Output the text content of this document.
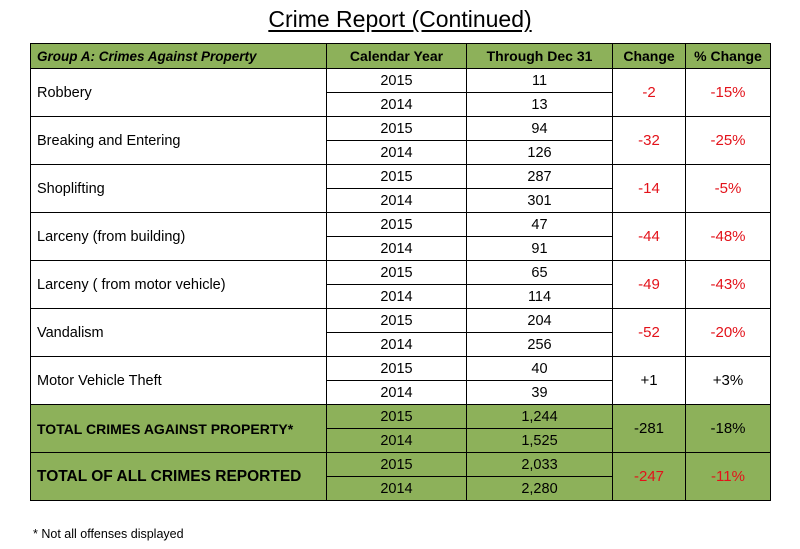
Crime Report (Continued)
Group A: Crimes Against Property	Calendar Year	Through Dec 31	Change	% Change
Robbery	2015	11	-2	-15%
	2014	13		
Breaking and Entering	2015	94	-32	-25%
	2014	126		
Shoplifting	2015	287	-14	-5%
	2014	301		
Larceny (from building)	2015	47	-44	-48%
	2014	91		
Larceny ( from motor vehicle)	2015	65	-49	-43%
	2014	114		
Vandalism	2015	204	-52	-20%
	2014	256		
Motor Vehicle Theft	2015	40	+1	+3%
	2014	39		
TOTAL CRIMES AGAINST PROPERTY*	2015	1,244	-281	-18%
	2014	1,525		
TOTAL OF ALL CRIMES REPORTED	2015	2,033	-247	-11%
	2014	2,280		
* Not all offenses displayed
